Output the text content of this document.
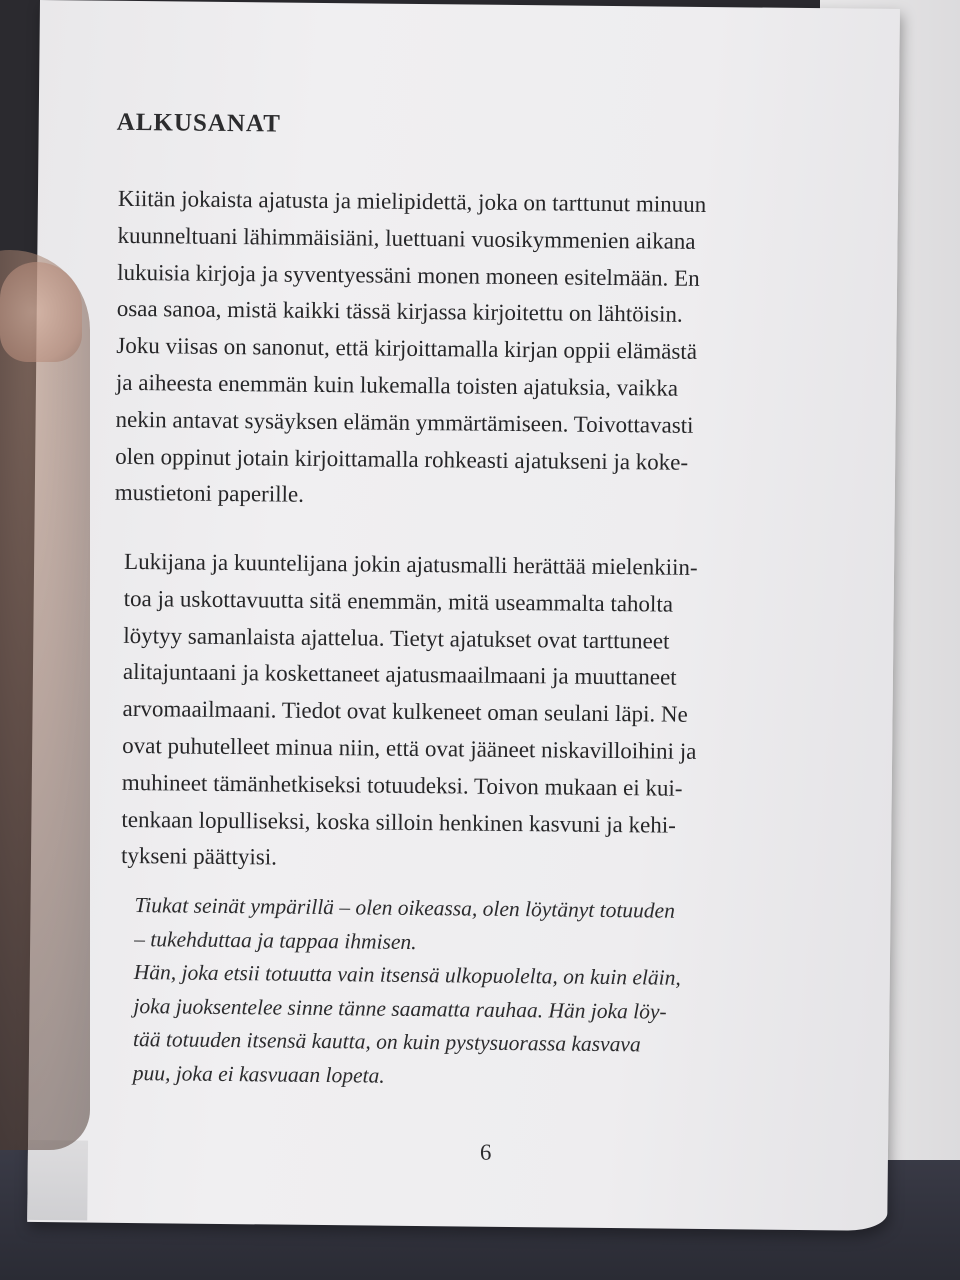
ALKUSANAT
Kiitän jokaista ajatusta ja mielipidettä, joka on tarttunut minuun
kuunneltuani lähimmäisiäni, luettuani vuosikymmenien aikana
lukuisia kirjoja ja syventyessäni monen moneen esitelmään. En
osaa sanoa, mistä kaikki tässä kirjassa kirjoitettu on lähtöisin.
Joku viisas on sanonut, että kirjoittamalla kirjan oppii elämästä
ja aiheesta enemmän kuin lukemalla toisten ajatuksia, vaikka
nekin antavat sysäyksen elämän ymmärtämiseen. Toivottavasti
olen oppinut jotain kirjoittamalla rohkeasti ajatukseni ja koke-
mustietoni paperille.
Lukijana ja kuuntelijana jokin ajatusmalli herättää mielenkiin-
toa ja uskottavuutta sitä enemmän, mitä useammalta taholta
löytyy samanlaista ajattelua. Tietyt ajatukset ovat tarttuneet
alitajuntaani ja koskettaneet ajatusmaailmaani ja muuttaneet
arvomaailmaani. Tiedot ovat kulkeneet oman seulani läpi. Ne
ovat puhutelleet minua niin, että ovat jääneet niskavilloihini ja
muhineet tämänhetkiseksi totuudeksi. Toivon mukaan ei kui-
tenkaan lopulliseksi, koska silloin henkinen kasvuni ja kehi-
tykseni päättyisi.
Tiukat seinät ympärillä – olen oikeassa, olen löytänyt totuuden
– tukehduttaa ja tappaa ihmisen.
Hän, joka etsii totuutta vain itsensä ulkopuolelta, on kuin eläin,
joka juoksentelee sinne tänne saamatta rauhaa. Hän joka löy-
tää totuuden itsensä kautta, on kuin pystysuorassa kasvava
puu, joka ei kasvuaan lopeta.
6
